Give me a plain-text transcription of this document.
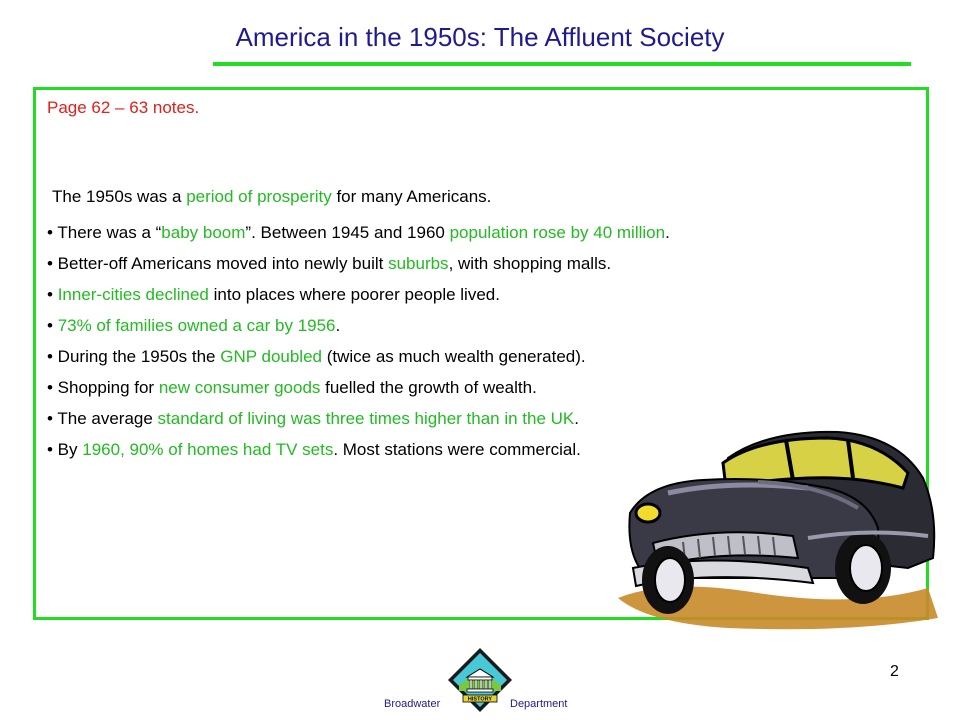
America in the 1950s: The Affluent Society

Page 62 – 63 notes.

The 1950s was a period of prosperity for many Americans.

• There was a “baby boom”. Between 1945 and 1960 population rose by 40 million.
• Better-off Americans moved into newly built suburbs, with shopping malls.
• Inner-cities declined into places where poorer people lived.
• 73% of families owned a car by 1956.
• During the 1950s the GNP doubled (twice as much wealth generated).
• Shopping for new consumer goods fuelled the growth of wealth.
• The average standard of living was three times higher than in the UK.
• By 1960, 90% of homes had TV sets. Most stations were commercial.

2

HISTORY
Broadwater	Department
